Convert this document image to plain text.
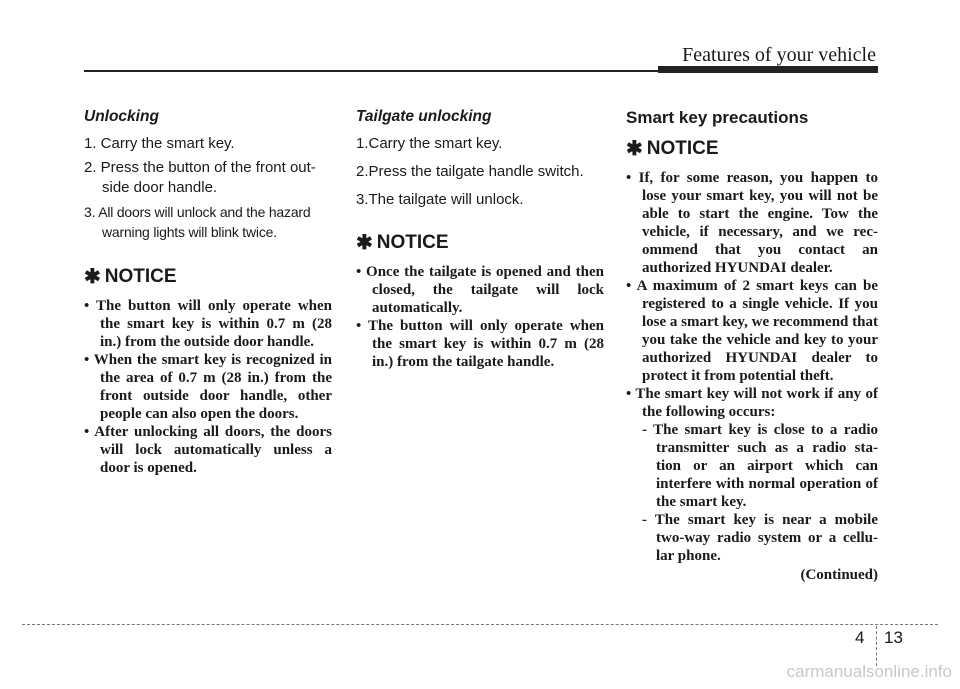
Features of your vehicle
Unlocking
1. Carry the smart key.
2. Press the button of the front out-side door handle.
3. All doors will unlock and the hazard warning lights will blink twice.
✱ NOTICE
• The button will only operate when the smart key is within 0.7 m (28 in.) from the outside door handle.
• When the smart key is recognized in the area of 0.7 m (28 in.) from the front outside door handle, other people can also open the doors.
• After unlocking all doors, the doors will lock automatically unless a door is opened.
Tailgate unlocking
1.Carry the smart key.
2.Press the tailgate handle switch.
3.The tailgate will unlock.
✱ NOTICE
• Once the tailgate is opened and then closed, the tailgate will lock automatically.
• The button will only operate when the smart key is within 0.7 m (28 in.) from the tailgate handle.
Smart key precautions
✱ NOTICE
• If, for some reason, you happen to lose your smart key, you will not be able to start the engine. Tow the vehicle, if necessary, and we rec-ommend that you contact an authorized HYUNDAI dealer.
• A maximum of 2 smart keys can be registered to a single vehicle. If you lose a smart key, we recommend that you take the vehicle and key to your authorized HYUNDAI dealer to protect it from potential theft.
• The smart key will not work if any of the following occurs:
- The smart key is close to a radio transmitter such as a radio sta-tion or an airport which can interfere with normal operation of the smart key.
- The smart key is near a mobile two-way radio system or a cellu-lar phone.
(Continued)
4 13
carmanualsonline.info
